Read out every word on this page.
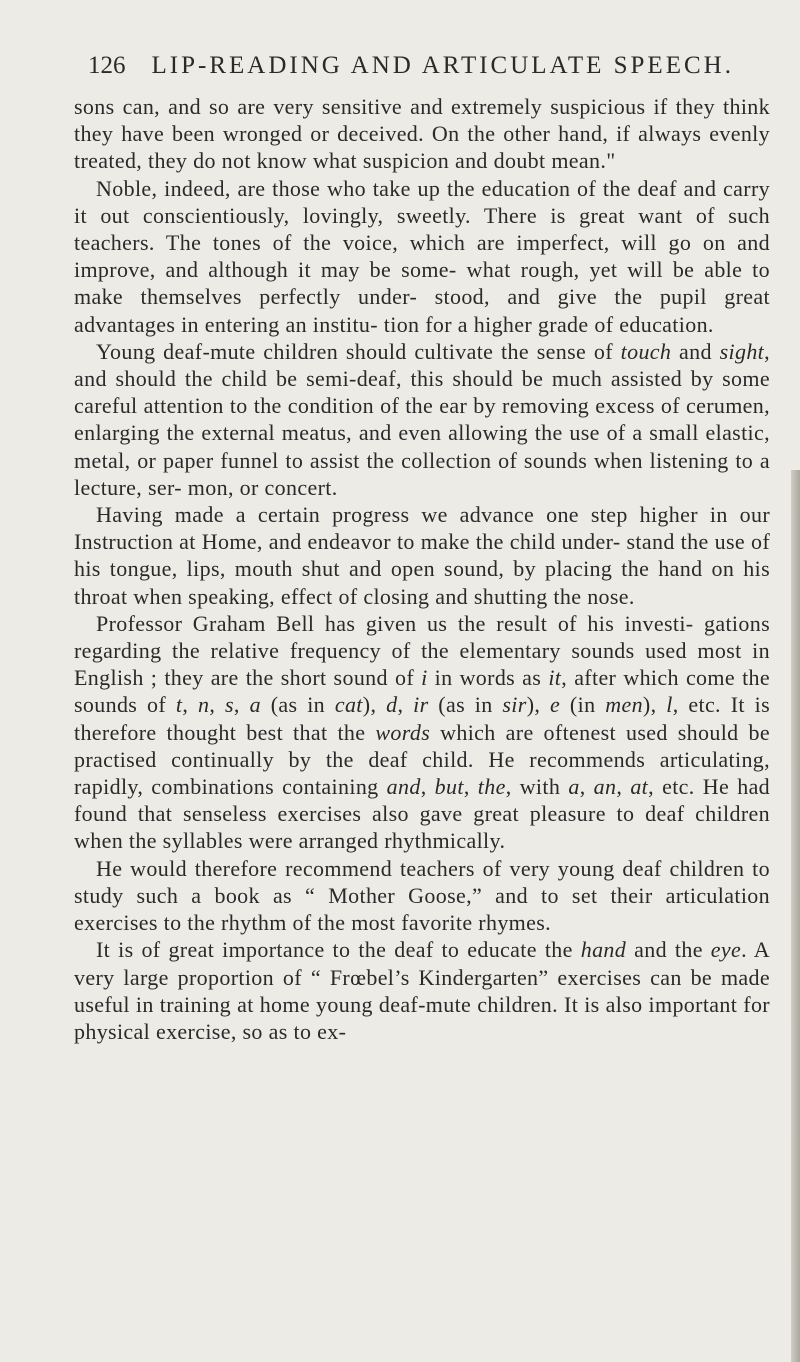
126 LIP-READING AND ARTICULATE SPEECH.

sons can, and so are very sensitive and extremely suspicious if they think they have been wronged or deceived. On the other hand, if always evenly treated, they do not know what suspicion and doubt mean."

Noble, indeed, are those who take up the education of the deaf and carry it out conscientiously, lovingly, sweetly. There is great want of such teachers. The tones of the voice, which are imperfect, will go on and improve, and although it may be some- what rough, yet will be able to make themselves perfectly under- stood, and give the pupil great advantages in entering an institu- tion for a higher grade of education.

Young deaf-mute children should cultivate the sense of touch and sight, and should the child be semi-deaf, this should be much assisted by some careful attention to the condition of the ear by removing excess of cerumen, enlarging the external meatus, and even allowing the use of a small elastic, metal, or paper funnel to assist the collection of sounds when listening to a lecture, ser- mon, or concert.

Having made a certain progress we advance one step higher in our Instruction at Home, and endeavor to make the child under- stand the use of his tongue, lips, mouth shut and open sound, by placing the hand on his throat when speaking, effect of closing and shutting the nose.

Professor Graham Bell has given us the result of his investi- gations regarding the relative frequency of the elementary sounds used most in English ; they are the short sound of i in words as it, after which come the sounds of t, n, s, a (as in cat), d, ir (as in sir), e (in men), l, etc. It is therefore thought best that the words which are oftenest used should be practised continually by the deaf child. He recommends articulating, rapidly, combinations containing and, but, the, with a, an, at, etc. He had found that senseless exercises also gave great pleasure to deaf children when the syllables were arranged rhythmically.

He would therefore recommend teachers of very young deaf children to study such a book as “ Mother Goose,” and to set their articulation exercises to the rhythm of the most favorite rhymes.

It is of great importance to the deaf to educate the hand and the eye. A very large proportion of “ Frœbel’s Kindergarten” exercises can be made useful in training at home young deaf-mute children. It is also important for physical exercise, so as to ex-
